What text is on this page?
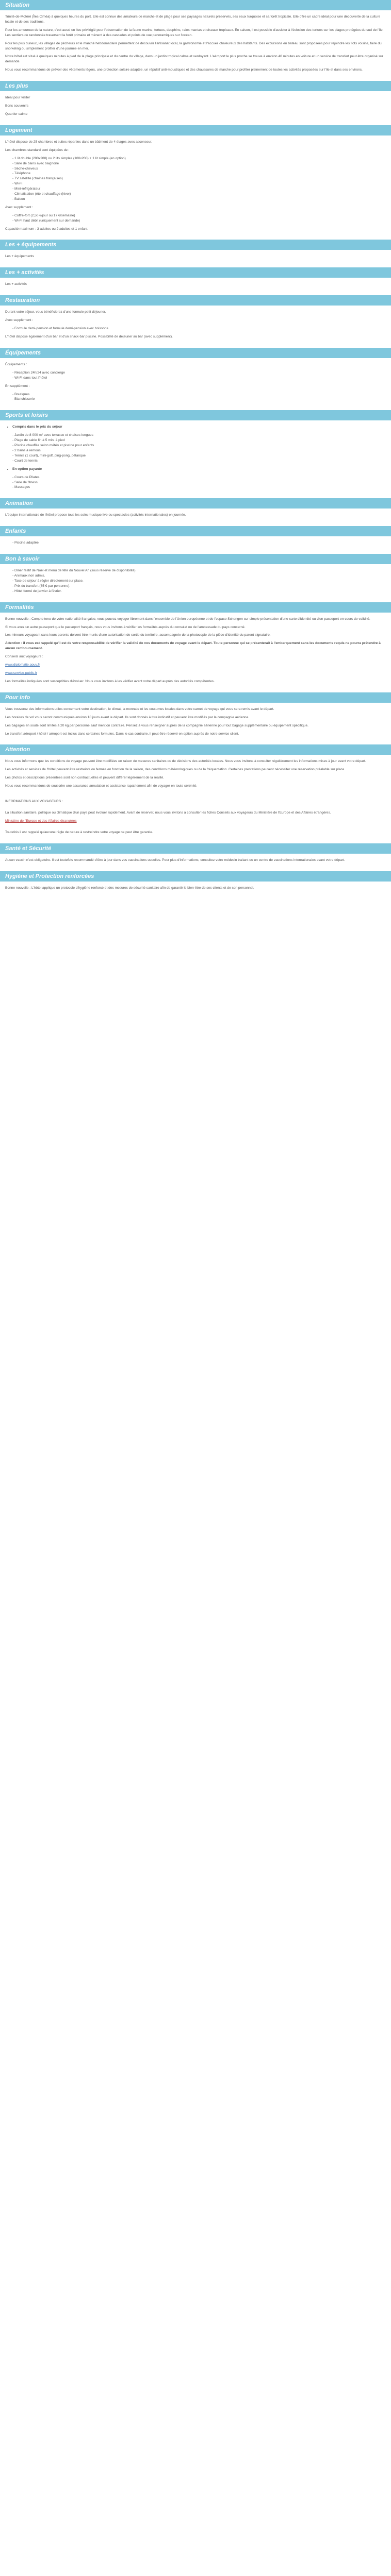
Situation

Trinité-de-Moféré (Îles Ciméa) à quelques heures du port. Elle est connue des amateurs de marche et de plage pour ses paysages naturels préservés, ses eaux turquoise et sa forêt tropicale. Elle offre un cadre idéal pour une découverte de la culture locale et de ses traditions.

Pour les amoureux de la nature, c'est aussi un lieu privilégié pour l'observation de la faune marine, tortues, dauphins, raies mantas et oiseaux tropicaux. En saison, il est possible d'assister à l'éclosion des tortues sur les plages protégées du sud de l'île. Les sentiers de randonnée traversent la forêt primaire et mènent à des cascades et points de vue panoramiques sur l'océan.

Pour les plus curieux, les villages de pêcheurs et le marché hebdomadaire permettent de découvrir l'artisanat local, la gastronomie et l'accueil chaleureux des habitants. Des excursions en bateau sont proposées pour rejoindre les îlots voisins, faire du snorkeling ou simplement profiter d'une journée en mer.

Notre hôtel est situé à quelques minutes à pied de la plage principale et du centre du village, dans un jardin tropical calme et verdoyant. L'aéroport le plus proche se trouve à environ 40 minutes en voiture et un service de transfert peut être organisé sur demande.

Nous vous recommandons de prévoir des vêtements légers, une protection solaire adaptée, un répulsif anti-moustiques et des chaussures de marche pour profiter pleinement de toutes les activités proposées sur l'île et dans ses environs.

Les plus

Idéal pour visiter

Bons souvenirs

Quartier calme

Logement

L'hôtel dispose de 25 chambres et suites réparties dans un bâtiment de 4 étages avec ascenseur.

Les chambres standard sont équipées de :

- 1 lit double (200x200) ou 2 lits simples (100x200) + 1 lit simple (en option)
- Salle de bains avec baignoire
- Sèche-cheveux
- Téléphone
- TV satellite (chaînes françaises)
- Wi-Fi
- Mini-réfrigérateur
- Climatisation (été et chauffage (hiver)
- Balcon

Avec supplément :

- Coffre-fort (2,50 €/jour ou 17 €/semaine)
- Wi-Fi haut débit (uniquement sur demande)

Capacité maximum : 3 adultes ou 2 adultes et 1 enfant.

Les + équipements

Les + équipements

Les + activités

Les + activités

Restauration

Durant votre séjour, vous bénéficierez d'une formule petit déjeuner.

Avec supplément :

- Formule demi-pension et formule demi-pension avec boissons

L'hôtel dispose également d'un bar et d'un snack-bar piscine. Possibilité de déjeuner au bar (avec supplément).

Équipements

Équipements :

- Réception 24h/24 avec concierge
- Wi-Fi dans tout l'hôtel

En supplément :

- Boutiques
- Blanchisserie
Sports et loisirs
• Compris dans le prix du séjour
- Jardin de 8 000 m² avec terrasse et chaises longues
- Plage de sable fin à 5 min. à pied
- Piscine chauffée selon météo et piscine pour enfants
- 2 bains à remous
- Tennis (1 court), mini-golf, ping-pong, pétanque
- Court de tennis
• En option payante
- Cours de Pilates
- Salle de fitness
- Massages
Animation

L'équipe internationale de l'hôtel propose tous les soirs musique live ou spectacles (activités internationales) en journée.

Enfants
- Piscine adaptée
Bon à savoir
- Dîner festif de Noël et menu de fête du Nouvel An (sous réserve de disponibilité).
- Animaux non admis.
- Taxe de séjour à régler directement sur place.
- Prix du transfert (65 € par personne).
- Hôtel fermé de janvier à février.
Formalités

Bonne nouvelle : Compte tenu de votre nationalité française, vous pouvez voyager librement dans l'ensemble de l'Union européenne et de l'espace Schengen sur simple présentation d'une carte d'identité ou d'un passeport en cours de validité.

Si vous avez un autre passeport que le passeport français, nous vous invitons à vérifier les formalités auprès du consulat ou de l'ambassade du pays concerné.

Les mineurs voyageant sans leurs parents doivent être munis d'une autorisation de sortie du territoire, accompagnée de la photocopie de la pièce d'identité du parent signataire.

Attention : il vous est rappelé qu'il est de votre responsabilité de vérifier la validité de vos documents de voyage avant le départ. Toute personne qui se présenterait à l'embarquement sans les documents requis ne pourra prétendre à aucun remboursement.

Conseils aux voyageurs :

www.diplomatie.gouv.fr

www.service-public.fr

Les formalités indiquées sont susceptibles d'évoluer. Nous vous invitons à les vérifier avant votre départ auprès des autorités compétentes.

Pour info

Vous trouverez des informations utiles concernant votre destination, le climat, la monnaie et les coutumes locales dans votre carnet de voyage qui vous sera remis avant le départ.

Les horaires de vol vous seront communiqués environ 10 jours avant le départ. Ils sont donnés à titre indicatif et peuvent être modifiés par la compagnie aérienne.

Les bagages en soute sont limités à 20 kg par personne sauf mention contraire. Pensez à vous renseigner auprès de la compagnie aérienne pour tout bagage supplémentaire ou équipement spécifique.

Le transfert aéroport / hôtel / aéroport est inclus dans certaines formules. Dans le cas contraire, il peut être réservé en option auprès de notre service client.

Attention

Nous vous informons que les conditions de voyage peuvent être modifiées en raison de mesures sanitaires ou de décisions des autorités locales. Nous vous invitons à consulter régulièrement les informations mises à jour avant votre départ.

Les activités et services de l'hôtel peuvent être restreints ou fermés en fonction de la saison, des conditions météorologiques ou de la fréquentation. Certaines prestations peuvent nécessiter une réservation préalable sur place.

Les photos et descriptions présentées sont non contractuelles et peuvent différer légèrement de la réalité.

Nous vous recommandons de souscrire une assurance annulation et assistance rapatriement afin de voyager en toute sérénité.

INFORMATIONS AUX VOYAGEURS :

La situation sanitaire, politique ou climatique d'un pays peut évoluer rapidement. Avant de réserver, nous vous invitons à consulter les fiches Conseils aux voyageurs du Ministère de l'Europe et des Affaires étrangères.

Ministère de l'Europe et des Affaires étrangères

Toutefois il est rappelé qu'aucune règle de nature à restreindre votre voyage ne peut être garantie.

Santé et Sécurité

Aucun vaccin n'est obligatoire. Il est toutefois recommandé d'être à jour dans vos vaccinations usuelles. Pour plus d'informations, consultez votre médecin traitant ou un centre de vaccinations internationales avant votre départ.

Hygiène et Protection renforcées

Bonne nouvelle : L'hôtel applique un protocole d'hygiène renforcé et des mesures de sécurité sanitaire afin de garantir le bien-être de ses clients et de son personnel.
